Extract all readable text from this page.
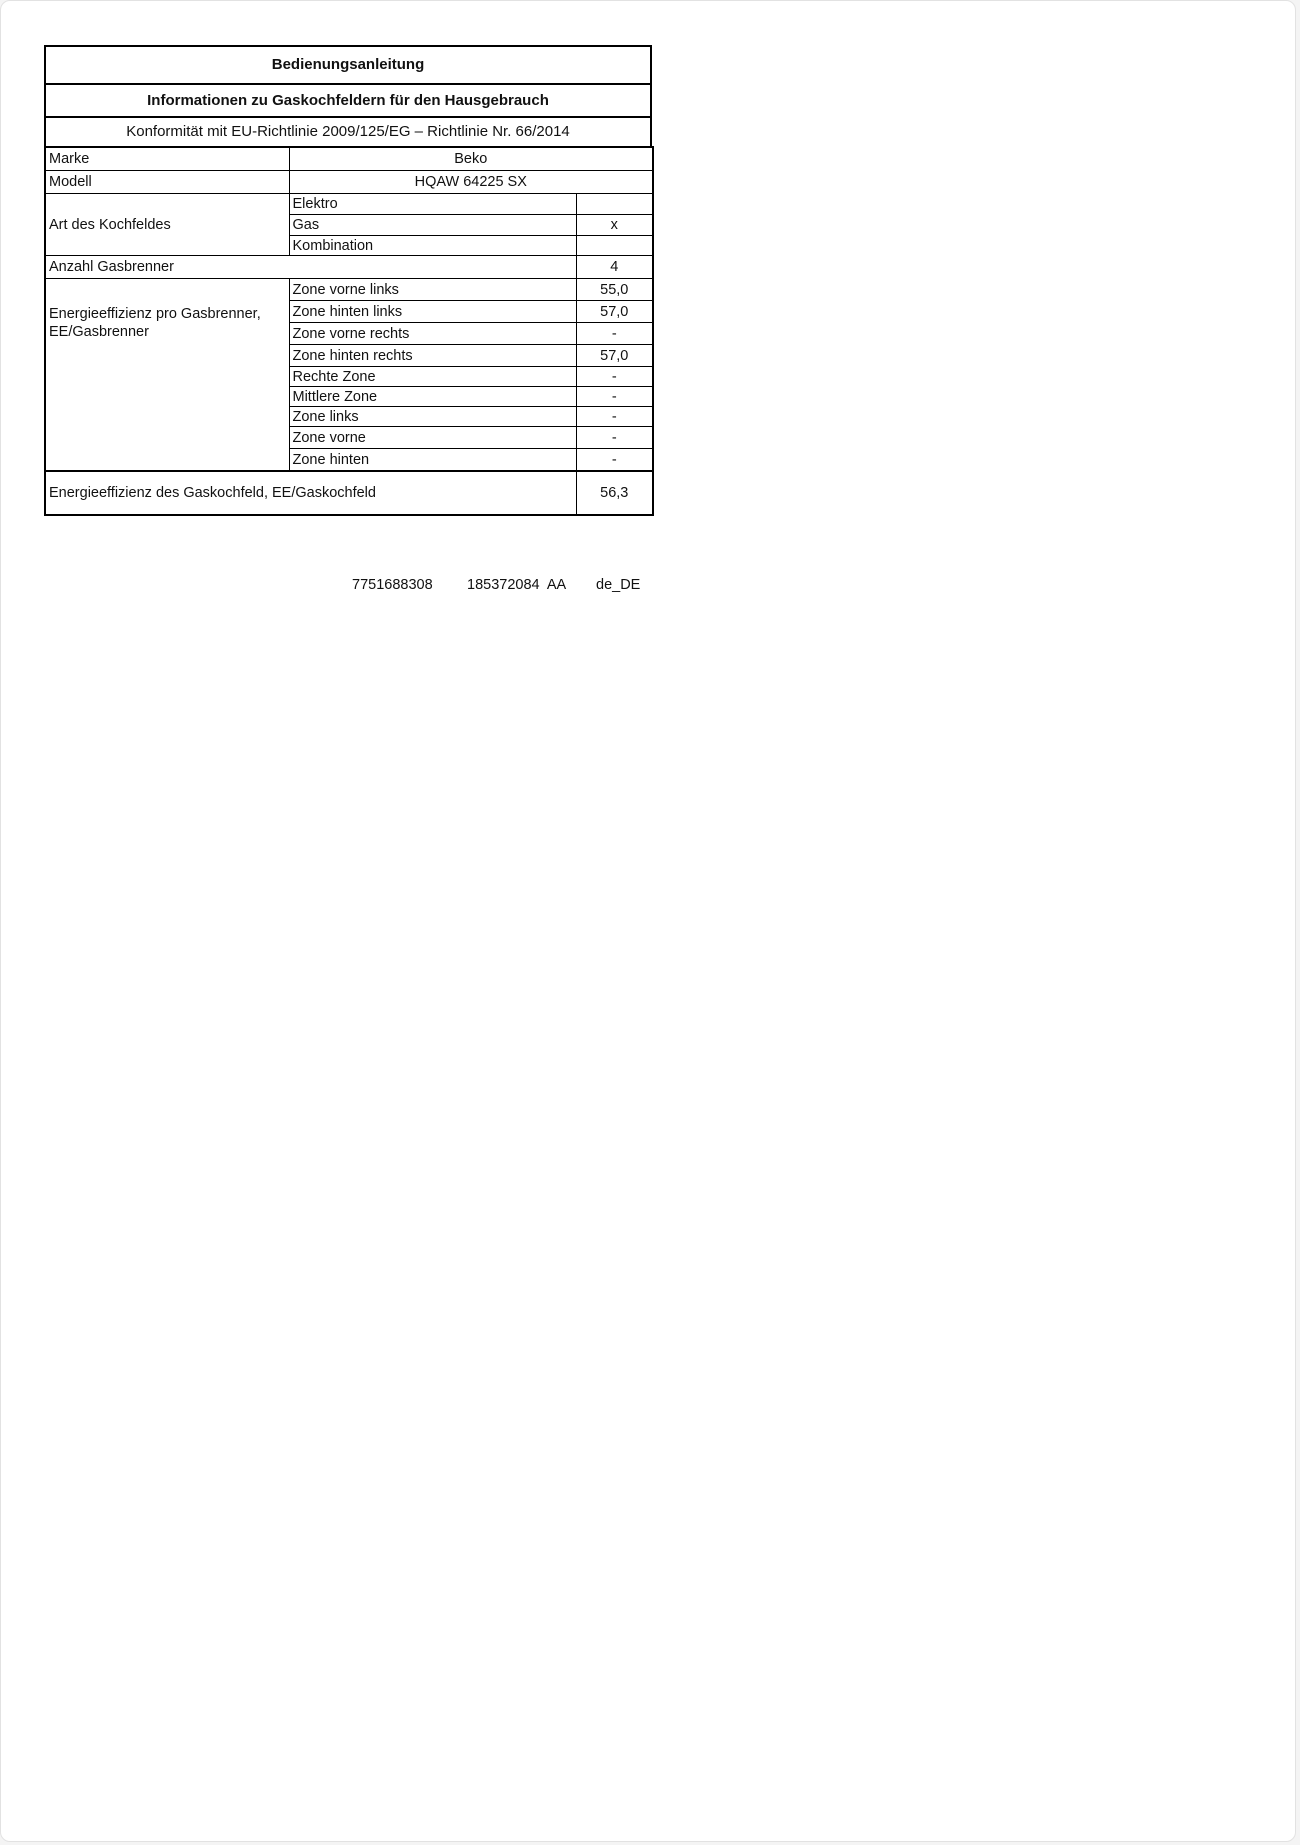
Bedienungsanleitung
Informationen zu Gaskochfeldern für den Hausgebrauch
Konformität mit EU-Richtlinie 2009/125/EG – Richtlinie Nr. 66/2014
Marke	Beko	
Modell	HQAW 64225 SX	
Art des Kochfeldes	Elektro	
	Gas	x
	Kombination	
Anzahl Gasbrenner		4

Energieeffizienz pro Gasbrenner, EE/Gasbrenner	Zone vorne links	55,0
	Zone hinten links	57,0
	Zone vorne rechts	-
	Zone hinten rechts	57,0
	Rechte Zone	-
	Mittlere Zone	-
	Zone links	-
	Zone vorne	-
	Zone hinten	-
Energieeffizienz des Gaskochfeld, EE/Gaskochfeld		56,3
7751688308 185372084  AA de_DE
